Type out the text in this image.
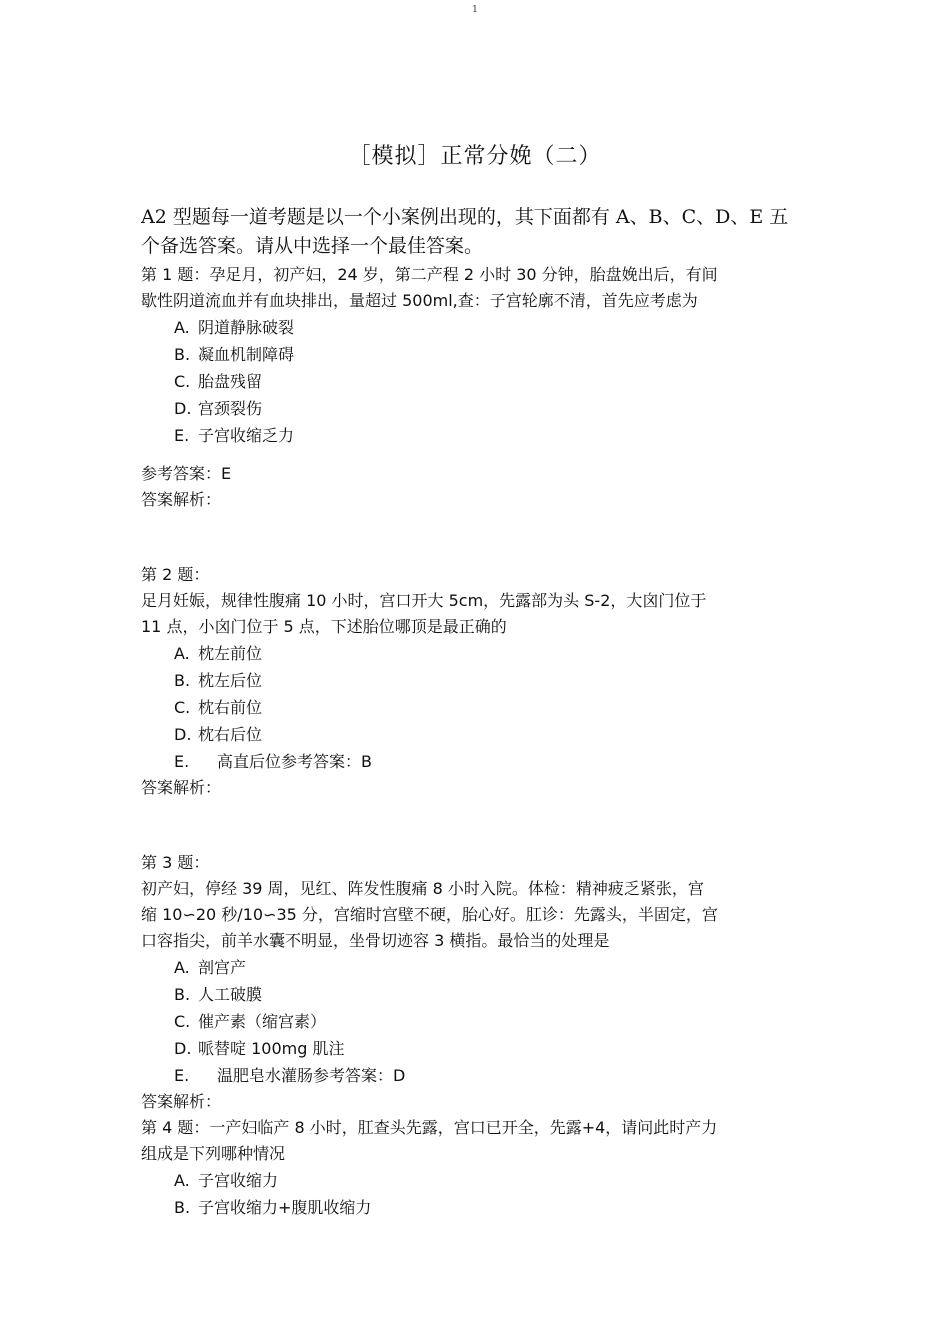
1
［模拟］正常分娩（二）
A2 型题每一道考题是以一个小案例出现的，其下面都有 A、B、C、D、E 五个备选答案。请从中选择一个最佳答案。
第 1 题：孕足月，初产妇，24 岁，第二产程 2 小时 30 分钟，胎盘娩出后，有间
歇性阴道流血并有血块排出，量超过 500ml,查：子宫轮廓不清，首先应考虑为
A. 阴道静脉破裂
B. 凝血机制障碍
C. 胎盘残留
D. 宫颈裂伤
E. 子宫收缩乏力
参考答案：E
答案解析：
第 2 题：
足月妊娠，规律性腹痛 10 小时，宫口开大 5cm，先露部为头 S-2，大囟门位于
11 点，小囟门位于 5 点，下述胎位哪顶是最正确的
A. 枕左前位
B. 枕左后位
C. 枕右前位
D. 枕右后位
E. 高直后位参考答案：B
答案解析：
第 3 题：
初产妇，停经 39 周，见红、阵发性腹痛 8 小时入院。体检：精神疲乏紧张，宫
缩 10∽20 秒/10∽35 分，宫缩时宫壁不硬，胎心好。肛诊：先露头，半固定，宫
口容指尖，前羊水囊不明显，坐骨切迹容 3 横指。最恰当的处理是
A. 剖宫产
B. 人工破膜
C. 催产素（缩宫素）
D. 哌替啶 100mg 肌注
E. 温肥皂水灌肠参考答案：D
答案解析：
第 4 题：一产妇临产 8 小时，肛查头先露，宫口已开全，先露+4，请问此时产力
组成是下列哪种情况
A. 子宫收缩力
B. 子宫收缩力+腹肌收缩力
